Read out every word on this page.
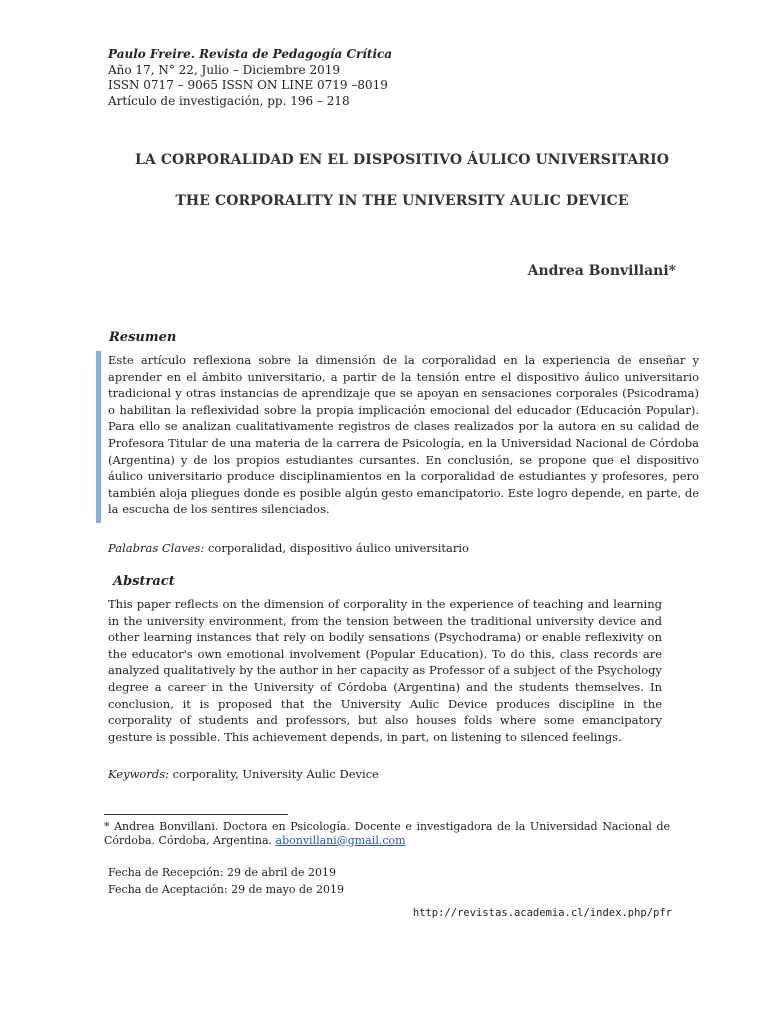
Paulo Freire. Revista de Pedagogía Crítica
Año 17, N° 22, Julio – Diciembre 2019
ISSN 0717 – 9065 ISSN ON LINE 0719 –8019
Artículo de investigación, pp. 196 – 218
LA CORPORALIDAD EN EL DISPOSITIVO ÁULICO UNIVERSITARIO
THE CORPORALITY IN THE UNIVERSITY AULIC DEVICE
Andrea Bonvillani*
Resumen
Este artículo reflexiona sobre la dimensión de la corporalidad en la experiencia de enseñar y aprender en el ámbito universitario, a partir de la tensión entre el dispositivo áulico universitario tradicional y otras instancias de aprendizaje que se apoyan en sensaciones corporales (Psicodrama) o habilitan la reflexividad sobre la propia implicación emocional del educador (Educación Popular). Para ello se analizan cualitativamente registros de clases realizados por la autora en su calidad de Profesora Titular de una materia de la carrera de Psicología, en la Universidad Nacional de Córdoba (Argentina) y de los propios estudiantes cursantes. En conclusión, se propone que el dispositivo áulico universitario produce disciplinamientos en la corporalidad de estudiantes y profesores, pero también aloja pliegues donde es posible algún gesto emancipatorio. Este logro depende, en parte, de la escucha de los sentires silenciados.
Palabras Claves: corporalidad, dispositivo áulico universitario
Abstract
This paper reflects on the dimension of corporality in the experience of teaching and learning in the university environment, from the tension between the traditional university device and other learning instances that rely on bodily sensations (Psychodrama) or enable reflexivity on the educator's own emotional involvement (Popular Education). To do this, class records are analyzed qualitatively by the author in her capacity as Professor of a subject of the Psychology degree a career in the University of Córdoba (Argentina) and the students themselves. In conclusion, it is proposed that the University Aulic Device produces discipline in the corporality of students and professors, but also houses folds where some emancipatory gesture is possible. This achievement depends, in part, on listening to silenced feelings.
Keywords: corporality, University Aulic Device
* Andrea Bonvillani. Doctora en Psicología. Docente e investigadora de la Universidad Nacional de Córdoba. Córdoba, Argentina. abonvillani@gmail.com
Fecha de Recepción: 29 de abril de 2019
Fecha de Aceptación: 29 de mayo de 2019
http://revistas.academia.cl/index.php/pfr
